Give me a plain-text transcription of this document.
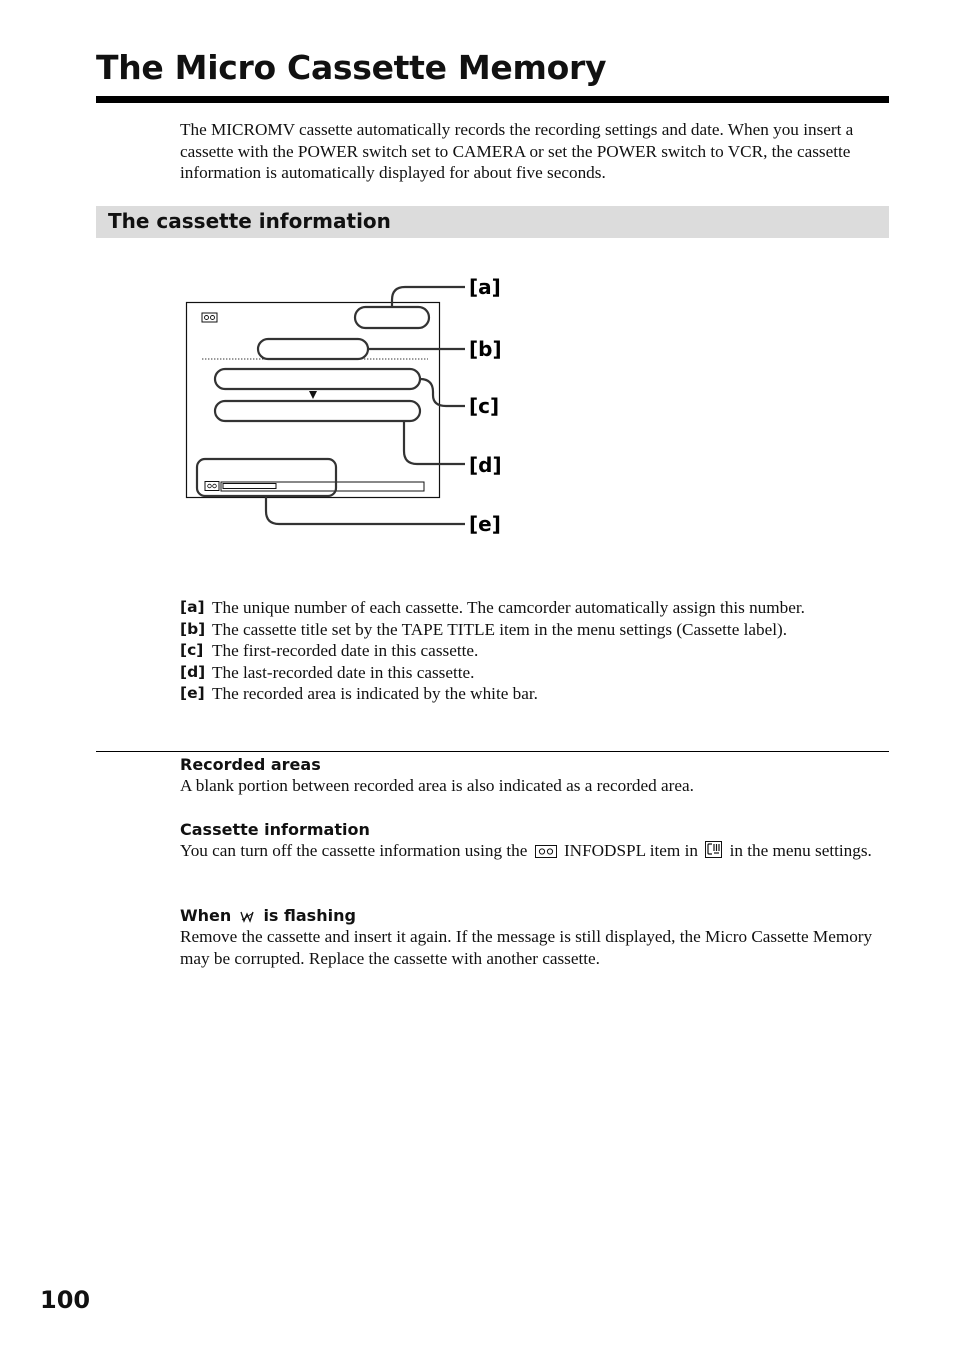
The Micro Cassette Memory

The MICROMV cassette automatically records the recording settings and date. When you insert a cassette with the POWER switch set to CAMERA or set the POWER switch to VCR, the cassette information is automatically displayed for about five seconds.

The cassette information
[a]
[b]
[c]
[d]
[e]
[a] The unique number of each cassette. The camcorder automatically assign this number.
[b] The cassette title set by the TAPE TITLE item in the menu settings (Cassette label).
[c] The first-recorded date in this cassette.
[d] The last-recorded date in this cassette.
[e] The recorded area is indicated by the white bar.
Recorded areas
A blank portion between recorded area is also indicated as a recorded area.
Cassette information
You can turn off the cassette information using the INFODSPL item in in the menu settings.
When is flashing
Remove the cassette and insert it again. If the message is still displayed, the Micro Cassette Memory may be corrupted. Replace the cassette with another cassette.
100
